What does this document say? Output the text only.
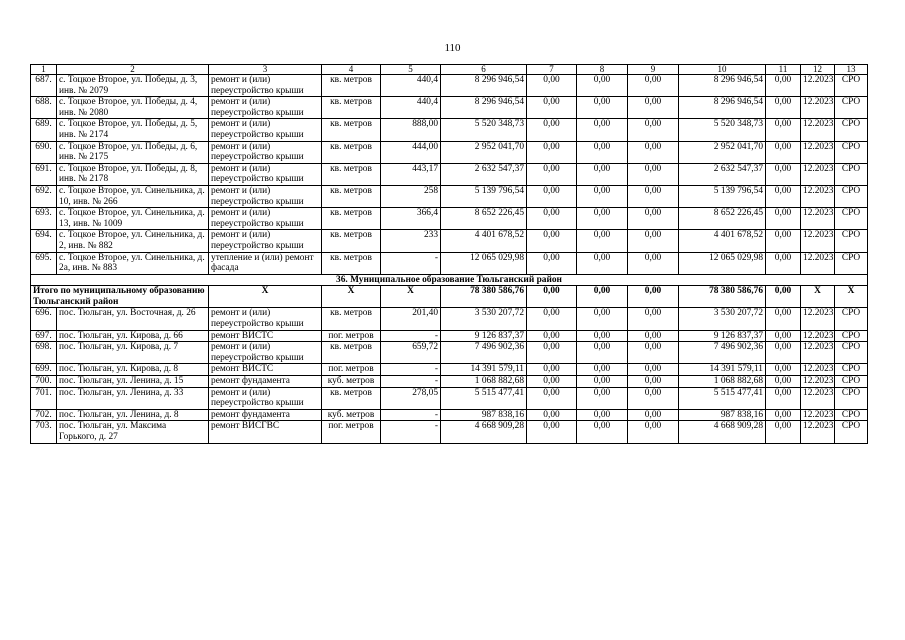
110
1	2	3	4	5	6	7	8	9	10	11	12	13
687.	с. Тоцкое Второе, ул. Победы, д. 3, инв. № 2079	ремонт и (или) переустройство крыши	кв. метров	440,4	8 296 946,54	0,00	0,00	0,00	8 296 946,54	0,00	12.2023	СРО
688.	с. Тоцкое Второе, ул. Победы, д. 4, инв. № 2080	ремонт и (или) переустройство крыши	кв. метров	440,4	8 296 946,54	0,00	0,00	0,00	8 296 946,54	0,00	12.2023	СРО
689.	с. Тоцкое Второе, ул. Победы, д. 5, инв. № 2174	ремонт и (или) переустройство крыши	кв. метров	888,00	5 520 348,73	0,00	0,00	0,00	5 520 348,73	0,00	12.2023	СРО
690.	с. Тоцкое Второе, ул. Победы, д. 6, инв. № 2175	ремонт и (или) переустройство крыши	кв. метров	444,00	2 952 041,70	0,00	0,00	0,00	2 952 041,70	0,00	12.2023	СРО
691.	с. Тоцкое Второе, ул. Победы, д. 8, инв. № 2178	ремонт и (или) переустройство крыши	кв. метров	443,17	2 632 547,37	0,00	0,00	0,00	2 632 547,37	0,00	12.2023	СРО
692.	с. Тоцкое Второе, ул. Синельника, д. 10, инв. № 266	ремонт и (или) переустройство крыши	кв. метров	258	5 139 796,54	0,00	0,00	0,00	5 139 796,54	0,00	12.2023	СРО
693.	с. Тоцкое Второе, ул. Синельника, д. 13, инв. № 1009	ремонт и (или) переустройство крыши	кв. метров	366,4	8 652 226,45	0,00	0,00	0,00	8 652 226,45	0,00	12.2023	СРО
694.	с. Тоцкое Второе, ул. Синельника, д. 2, инв. № 882	ремонт и (или) переустройство крыши	кв. метров	233	4 401 678,52	0,00	0,00	0,00	4 401 678,52	0,00	12.2023	СРО
695.	с. Тоцкое Второе, ул. Синельника, д. 2а, инв. № 883	утепление и (или) ремонт фасада	кв. метров	-	12 065 029,98	0,00	0,00	0,00	12 065 029,98	0,00	12.2023	СРО
36. Муниципальное образование Тюльганский район												
Итого по муниципальному образованию Тюльганский район		Х	Х	Х	78 380 586,76	0,00	0,00	0,00	78 380 586,76	0,00	Х	Х
696.	пос. Тюльган, ул. Восточная, д. 26	ремонт и (или) переустройство крыши	кв. метров	201,40	3 530 207,72	0,00	0,00	0,00	3 530 207,72	0,00	12.2023	СРО
697.	пос. Тюльган, ул. Кирова, д. 66	ремонт ВИСТС	пог. метров	-	9 126 837,37	0,00	0,00	0,00	9 126 837,37	0,00	12.2023	СРО
698.	пос. Тюльган, ул. Кирова, д. 7	ремонт и (или) переустройство крыши	кв. метров	659,72	7 496 902,36	0,00	0,00	0,00	7 496 902,36	0,00	12.2023	СРО
699.	пос. Тюльган, ул. Кирова, д. 8	ремонт ВИСТС	пог. метров	-	14 391 579,11	0,00	0,00	0,00	14 391 579,11	0,00	12.2023	СРО
700.	пос. Тюльган, ул. Ленина, д. 15	ремонт фундамента	куб. метров	-	1 068 882,68	0,00	0,00	0,00	1 068 882,68	0,00	12.2023	СРО
701.	пос. Тюльган, ул. Ленина, д. 33	ремонт и (или) переустройство крыши	кв. метров	278,05	5 515 477,41	0,00	0,00	0,00	5 515 477,41	0,00	12.2023	СРО
702.	пос. Тюльган, ул. Ленина, д. 8	ремонт фундамента	куб. метров	-	987 838,16	0,00	0,00	0,00	987 838,16	0,00	12.2023	СРО
703.	пос. Тюльган, ул. Максима Горького, д. 27	ремонт ВИСГВС	пог. метров	-	4 668 909,28	0,00	0,00	0,00	4 668 909,28	0,00	12.2023	СРО
